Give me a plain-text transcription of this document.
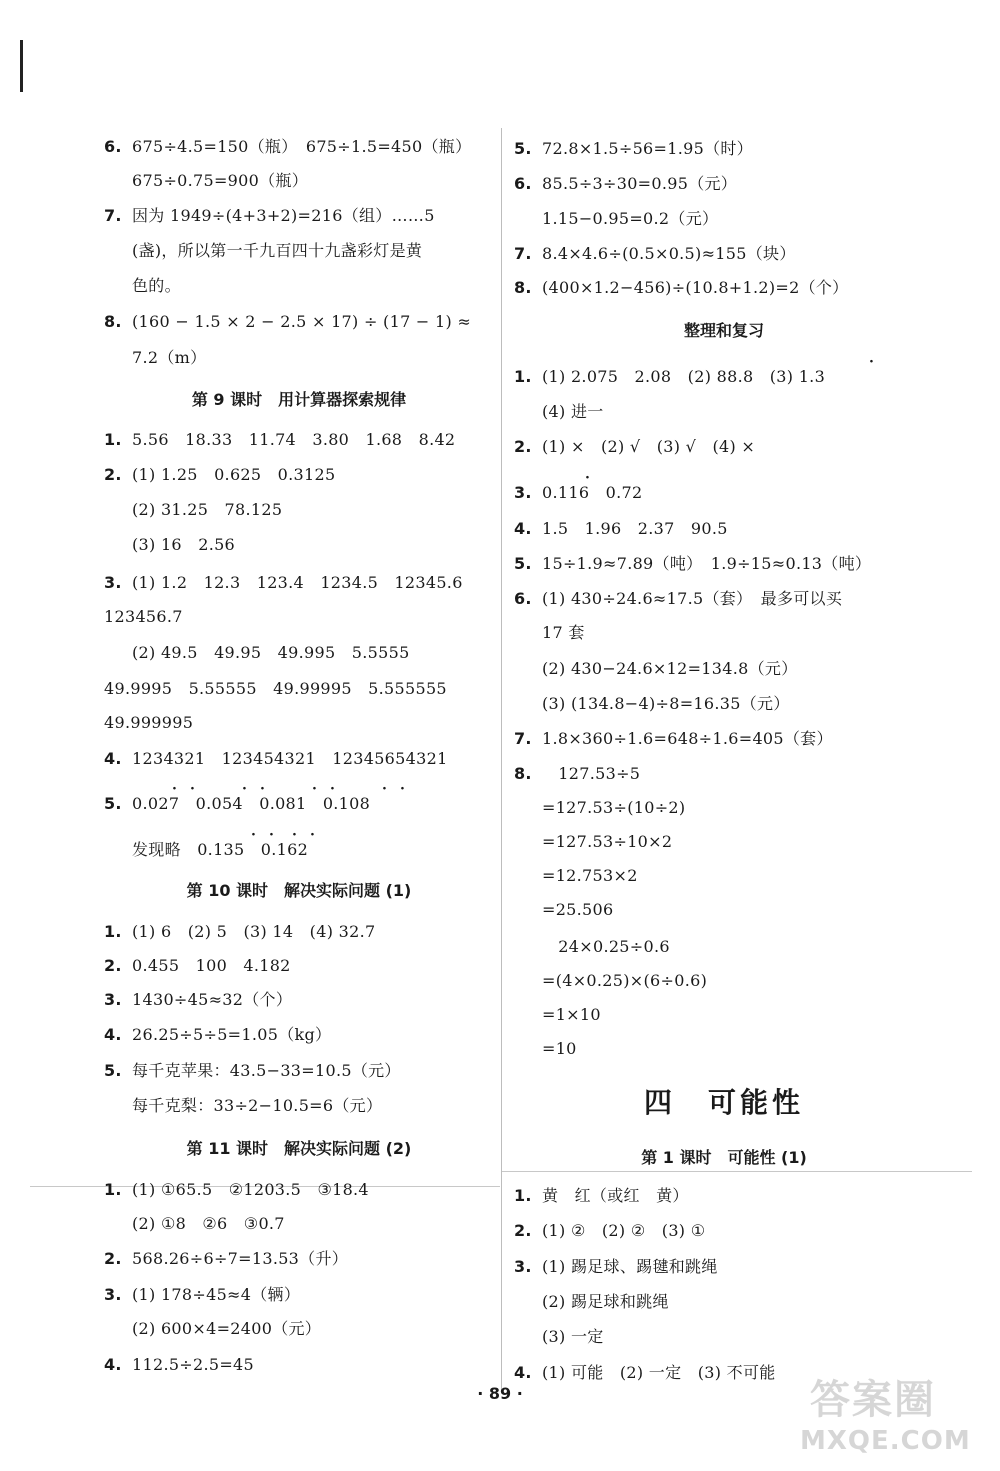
6. 675÷4.5=150（瓶）　675÷1.5=450（瓶）
675÷0.75=900（瓶）
7. 因为 1949÷(4+3+2)=216（组）……5
(盏)，所以第一千九百四十九盏彩灯是黄
色的。
8. (160 − 1.5 × 2 − 2.5 × 17) ÷ (17 − 1) ≈
7.2（m）
第 9 课时　用计算器探索规律
1. 5.56　18.33　11.74　3.80　1.68　8.42
2. (1) 1.25　0.625　0.3125
(2) 31.25　78.125
(3) 16　2.56
3. (1) 1.2　12.3　123.4　1234.5　12345.6
123456.7
(2) 49.5　49.95　49.995　5.5555
49.9995　5.55555　49.99995　5.555555
49.999995
4. 1234321　123454321　12345654321
5. 0.027　0.054　0.081　0.108
· ·	· ·	· ·	· ·
发现略　0.135　0.162
· · · ·
第 10 课时　解决实际问题 (1)
1. (1) 6　(2) 5　(3) 14　(4) 32.7
2. 0.455　100　4.182
3. 1430÷45≈32（个）
4. 26.25÷5÷5=1.05（kg）
5. 每千克苹果：43.5−33=10.5（元）
每千克梨：33÷2−10.5=6（元）
第 11 课时　解决实际问题 (2)
1. (1) ①65.5　②1203.5　③18.4
(2) ①8　②6　③0.7
2. 568.26÷6÷7=13.53（升）
3. (1) 178÷45≈4（辆）
(2) 600×4=2400（元）
4. 112.5÷2.5=45
5. 72.8×1.5÷56=1.95（时）
6. 85.5÷3÷30=0.95（元）
1.15−0.95=0.2（元）
7. 8.4×4.6÷(0.5×0.5)≈155（块）
8. (400×1.2−456)÷(10.8+1.2)=2（个）
整理和复习
1. (1) 2.075　2.08　(2) 88.8　(3) 1.3
·
(4) 进一
2. (1) ×　(2) √　(3) √　(4) ×
3. 0.116　0.72
·
4. 1.5　1.96　2.37　90.5
5. 15÷1.9≈7.89（吨）　1.9÷15≈0.13（吨）
6. (1) 430÷24.6≈17.5（套）　最多可以买
17 套
(2) 430−24.6×12=134.8（元）
(3) (134.8−4)÷8=16.35（元）
7. 1.8×360÷1.6=648÷1.6=405（套）
8.　127.53÷5
=127.53÷(10÷2)
=127.53÷10×2
=12.753×2
=25.506
　24×0.25÷0.6
=(4×0.25)×(6÷0.6)
=1×10
=10
四　可能性
第 1 课时　可能性 (1)
1. 黄　红（或红　黄）
2. (1) ②　(2) ②　(3) ①
3. (1) 踢足球、踢毽和跳绳
(2) 踢足球和跳绳
(3) 一定
4. (1) 可能　(2) 一定　(3) 不可能
· 89 ·	答案圈
MXQE.COM
